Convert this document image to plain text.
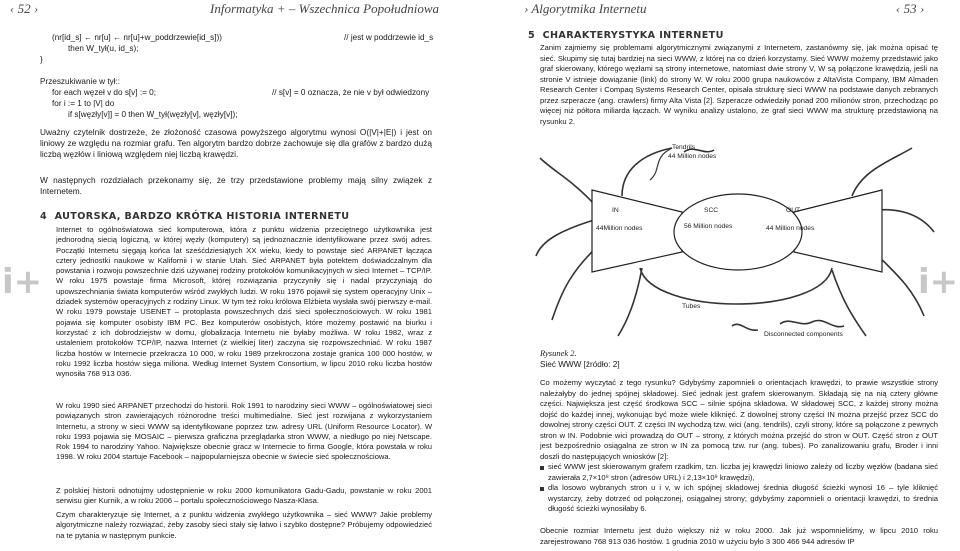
‹ 52 ›	Informatyka + – Wszechnica Popołudniowa	› Algorytmika Internetu	‹ 53 ›
i+	i+
(nr[id_s] ← nr[u] ← nr[u]+w_poddrzewie[id_s]))	// jest w poddrzewie id_s
then W_tył(u, id_s);
}
Przeszukiwanie w tył::
for each węzeł v do s[v] := 0;	// s[v] = 0 oznacza, że nie v był odwiedzony
for i := 1 to |V| do
if s[węzły[v]] = 0 then W_tył(węzły[v], węzły[v]);
Uważny czytelnik dostrzeże, że złożoność czasowa powyższego algorytmu wynosi O(|V|+|E|) i jest on liniowy ze względu na rozmiar grafu. Ten algorytm bardzo dobrze zachowuje się dla grafów z bardzo dużą liczbą węzłów i liniową względem niej liczbą krawędzi.
W następnych rozdziałach przekonamy się, że trzy przedstawione problemy mają silny związek z Internetem.
4 AUTORSKA, BARDZO KRÓTKA HISTORIA INTERNETU
Internet to ogólnoświatowa sieć komputerowa, która z punktu widzenia przeciętnego użytkownika jest jednorodną siecią logiczną, w której węzły (komputery) są jednoznacznie identyfikowane przez swój adres. Początki Internetu sięgają końca lat sześćdziesiątych XX wieku, kiedy to powstaje sieć ARPANET łącząca cztery jednostki naukowe w Kalifornii i w stanie Utah. Sieć ARPANET była potektem doświadczalnym dla powstania i rozwoju powszechnie dziś używanej rodziny protokołów komunikacyjnych w sieci Internet – TCP/IP. W roku 1975 powstaje firma Microsoft, której rozwiązania przyczyniły się i nadal przyczyniają do upowszechniania świata komputerów wśród zwykłych ludzi. W roku 1976 pojawił się system operacyjny Unix – dziadek systemów operacyjnych z rodziny Linux. W tym też roku królowa Elżbieta wysłała swój pierwszy e-mail. W roku 1979 powstaje USENET – protoplasta powszechnych dziś sieci społecznościowych. W roku 1981 pojawia się komputer osobisty IBM PC. Bez komputerów osobistych, które możemy postawić na biurku i korzystać z ich dobrodziejstw w domu, globalizacja Internetu nie byłaby możliwa. W roku 1982, wraz z ustaleniem protokołów TCP/IP, nazwa Internet (z wielkiej liter) zaczyna się rozpowszechniać. W roku 1987 liczba hostów w Internecie przekracza 10 000, w roku 1989 przekroczona zostaje granica 100 000 hostów, w roku 1992 liczba hostów sięga miliona. Według Internet System Consortium, w lipcu 2010 roku liczba hostów wynosiła 768 913 036.
W roku 1990 sieć ARPANET przechodzi do historii. Rok 1991 to narodziny sieci WWW – ogólnoświatowej sieci powiązanych stron zawierających różnorodne treści multimedialne. Sieć jest rozwijana z wykorzystaniem Internetu, a strony w sieci WWW są identyfikowane poprzez tzw. adresy URL (Uniform Resource Locator). W roku 1993 pojawia się MOSAIC – pierwsza graficzna przeglądarka stron WWW, a niedługo po niej Netscape. Rok 1994 to narodziny Yahoo. Największe obecnie gracz w Internecie to firma Google, która powstała w roku 1998. W roku 2004 startuje Facebook – najpopularniejsza obecnie w świecie sieć społecznościowa.
Z polskiej historii odnotujmy udostępnienie w roku 2000 komunikatora Gadu-Gadu, powstanie w roku 2001 serwisu gier Kurnik, a w roku 2006 – portalu społecznościowego Nasza-Klasa.
Czym charakteryzuje się Internet, a z punktu widzenia zwykłego użytkownika – sieć WWW? Jakie problemy algorytmiczne należy rozwiązać, żeby zasoby sieci stały się łatwo i szybko dostępne? Próbujemy odpowiedzieć na te pytania w następnym punkcie.
5 CHARAKTERYSTYKA INTERNETU
Zanim zajmiemy się problemami algorytmicznymi związanymi z Internetem, zastanówmy się, jak można opisać tę sieć. Skupimy się tutaj bardziej na sieci WWW, z której na co dzień korzystamy. Sieć WWW możemy przedstawić jako graf skierowany, którego węzłami są strony internetowe, natomiast dwie strony V, W są połączone krawędzią, jeśli na stronie V istnieje dowiązanie (link) do strony W. W roku 2000 grupa naukowców z AltaVista Company, IBM Almaden Research Center i Compaq Systems Research Center, opisała strukturę sieci WWW na podstawie danych zebranych przez szperacze (ang. crawlers) firmy Alta Vista [2]. Szperacze odwiedziły ponad 200 milionów stron, przechodząc po więcej niż półtora miliarda łączach. W wyniku analizy ustalono, że graf sieci WWW ma strukturę przedstawioną na rysunku 2.
Tendrils
44 Million nodes
IN
44Million nodes
SCC
56 Million nodes
OUT
44 Million nodes
Tubes
Disconnected components
Rysunek 2.
Sieć WWW [źródło: 2]
Co możemy wyczytać z tego rysunku? Gdybyśmy zapomnieli o orientacjach krawędzi, to prawie wszystkie strony należałyby do jednej spójnej składowej. Sieć jednak jest grafem skierowanym. Składają się na nią cztery główne części. Największa jest część środkowa SCC – silnie spójna składowa. W składowej SCC, z każdej strony można dojść do każdej innej, wykonując być może wiele kliknięć. Z dowolnej strony części IN można przejść przez SCC do dowolnej strony części OUT. Z części IN wychodzą tzw. wici (ang. tendrils), czyli strony, które są połączone z pewnych stron w IN. Podobnie wici prowadzą do OUT – strony, z których można przejść do stron w OUT. Część stron z OUT jest bezpośrednio osiągalna ze stron w IN za pomocą tzw. rur (ang. tubes). Po zanalizowaniu grafu, Broder i inni doszli do następujących wniosków [2]:
sieć WWW jest skierowanym grafem rzadkim, tzn. liczba jej krawędzi liniowo zależy od liczby węzłów (badana sieć zawierała 2,7×10⁸ stron (adresów URL) i 2,13×10⁹ krawędzi),
dla losowo wybranych stron u i v, w ich spójnej składowej średnia długość ścieżki wynosi 16 – tyle kliknięć wystarczy, żeby dotrzeć od połączonej, osiągalnej strony; gdybyśmy zapomnieli o orientacji krawędzi, to średnia długość ścieżki wynosiłaby 6.
Obecnie rozmiar Internetu jest dużo większy niż w roku 2000. Jak już wspomnieliśmy, w lipcu 2010 roku zarejestrowano 768 913 036 hostów. 1 grudnia 2010 w użyciu było 3 300 466 944 adresów IP
